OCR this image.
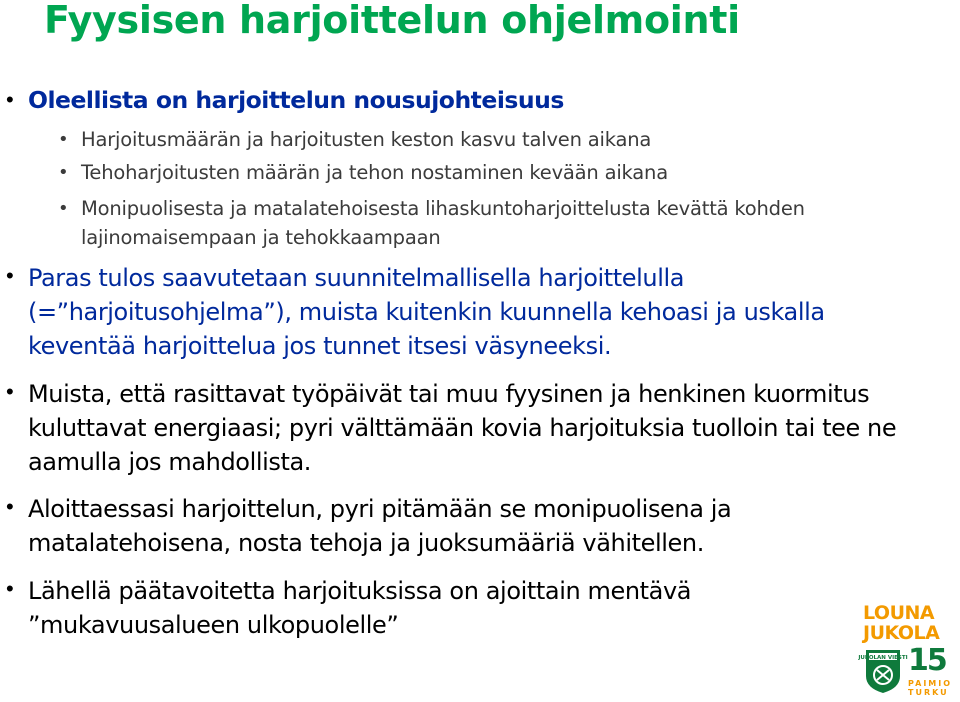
Fyysisen harjoittelun ohjelmointi
• Oleellista on harjoittelun nousujohteisuus
• Harjoitusmäärän ja harjoitusten keston kasvu talven aikana
• Tehoharjoitusten määrän ja tehon nostaminen kevään aikana
• Monipuolisesta ja matalatehoisesta lihaskuntoharjoittelusta kevättä kohden lajinomaisempaan ja tehokkaampaan
• Paras tulos saavutetaan suunnitelmallisella harjoittelulla (=”harjoitusohjelma”), muista kuitenkin kuunnella kehoasi ja uskalla keventää harjoittelua jos tunnet itsesi väsyneeksi.
• Muista, että rasittavat työpäivät tai muu fyysinen ja henkinen kuormitus kuluttavat energiaasi; pyri välttämään kovia harjoituksia tuolloin tai tee ne aamulla jos mahdollista.
• Aloittaessasi harjoittelun, pyri pitämään se monipuolisena ja matalatehoisena, nosta tehoja ja juoksumääriä vähitellen.
• Lähellä päätavoitetta harjoituksissa on ajoittain mentävä ”mukavuusalueen ulkopuolelle”	LOUNA
JUKOLA
JUKOLAN VIESTI 15
PAIMIO TURKU
